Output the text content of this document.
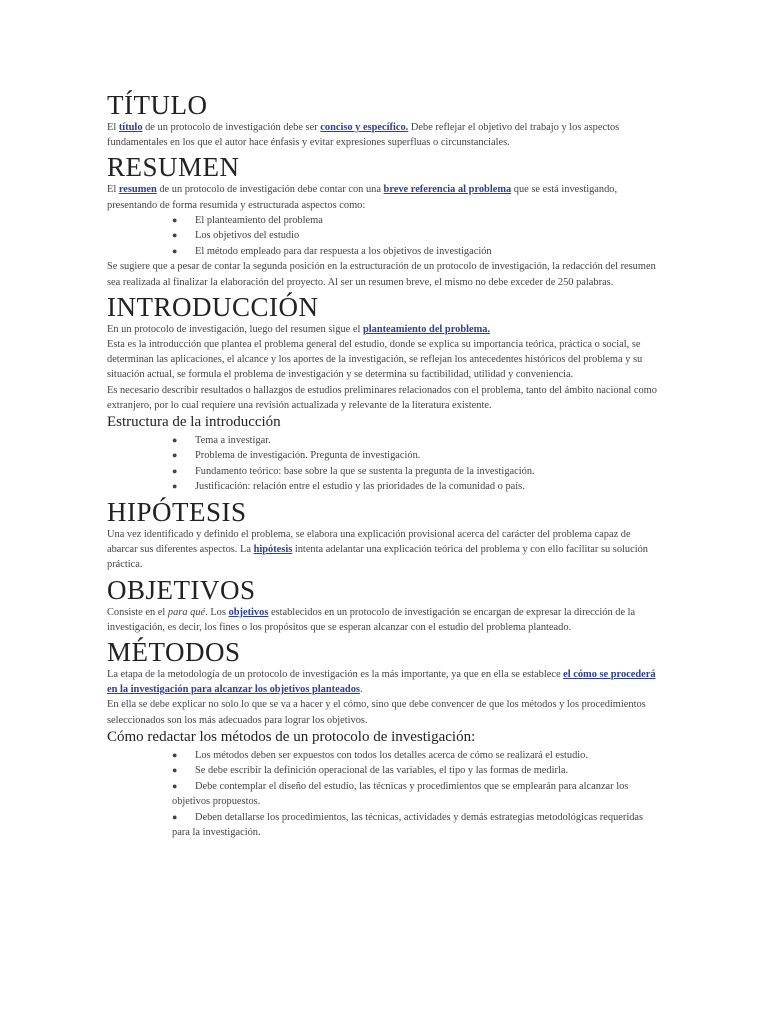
TÍTULO

El título de un protocolo de investigación debe ser conciso y específico. Debe reflejar el objetivo del trabajo y los aspectos fundamentales en los que el autor hace énfasis y evitar expresiones superfluas o circunstanciales.

RESUMEN

El resumen de un protocolo de investigación debe contar con una breve referencia al problema que se está investigando, presentando de forma resumida y estructurada aspectos como:

● El planteamiento del problema
● Los objetivos del estudio
● El método empleado para dar respuesta a los objetivos de investigación

Se sugiere que a pesar de contar la segunda posición en la estructuración de un protocolo de investigación, la redacción del resumen sea realizada al finalizar la elaboración del proyecto. Al ser un resumen breve, el mismo no debe exceder de 250 palabras.

INTRODUCCIÓN

En un protocolo de investigación, luego del resumen sigue el planteamiento del problema.

Esta es la introducción que plantea el problema general del estudio, donde se explica su importancia teórica, práctica o social, se determinan las aplicaciones, el alcance y los aportes de la investigación, se reflejan los antecedentes históricos del problema y su situación actual, se formula el problema de investigación y se determina su factibilidad, utilidad y conveniencia.

Es necesario describir resultados o hallazgos de estudios preliminares relacionados con el problema, tanto del ámbito nacional como extranjero, por lo cual requiere una revisión actualizada y relevante de la literatura existente.

Estructura de la introducción
● Tema a investigar.
● Problema de investigación. Pregunta de investigación.
● Fundamento teórico: base sobre la que se sustenta la pregunta de la investigación.
● Justificación: relación entre el estudio y las prioridades de la comunidad o país.
HIPÓTESIS

Una vez identificado y definido el problema, se elabora una explicación provisional acerca del carácter del problema capaz de abarcar sus diferentes aspectos. La hipótesis intenta adelantar una explicación teórica del problema y con ello facilitar su solución práctica.

OBJETIVOS

Consiste en el para qué. Los objetivos establecidos en un protocolo de investigación se encargan de expresar la dirección de la investigación, es decir, los fines o los propósitos que se esperan alcanzar con el estudio del problema planteado.

MÉTODOS

La etapa de la metodología de un protocolo de investigación es la más importante, ya que en ella se establece el cómo se procederá en la investigación para alcanzar los objetivos planteados.

En ella se debe explicar no solo lo que se va a hacer y el cómo, sino que debe convencer de que los métodos y los procedimientos seleccionados son los más adecuados para lograr los objetivos.

Cómo redactar los métodos de un protocolo de investigación:
● Los métodos deben ser expuestos con todos los detalles acerca de cómo se realizará el estudio.
● Se debe escribir la definición operacional de las variables, el tipo y las formas de medirla.
● Debe contemplar el diseño del estudio, las técnicas y procedimientos que se emplearán para alcanzar los objetivos propuestos.
● Deben detallarse los procedimientos, las técnicas, actividades y demás estrategias metodológicas requeridas para la investigación.
